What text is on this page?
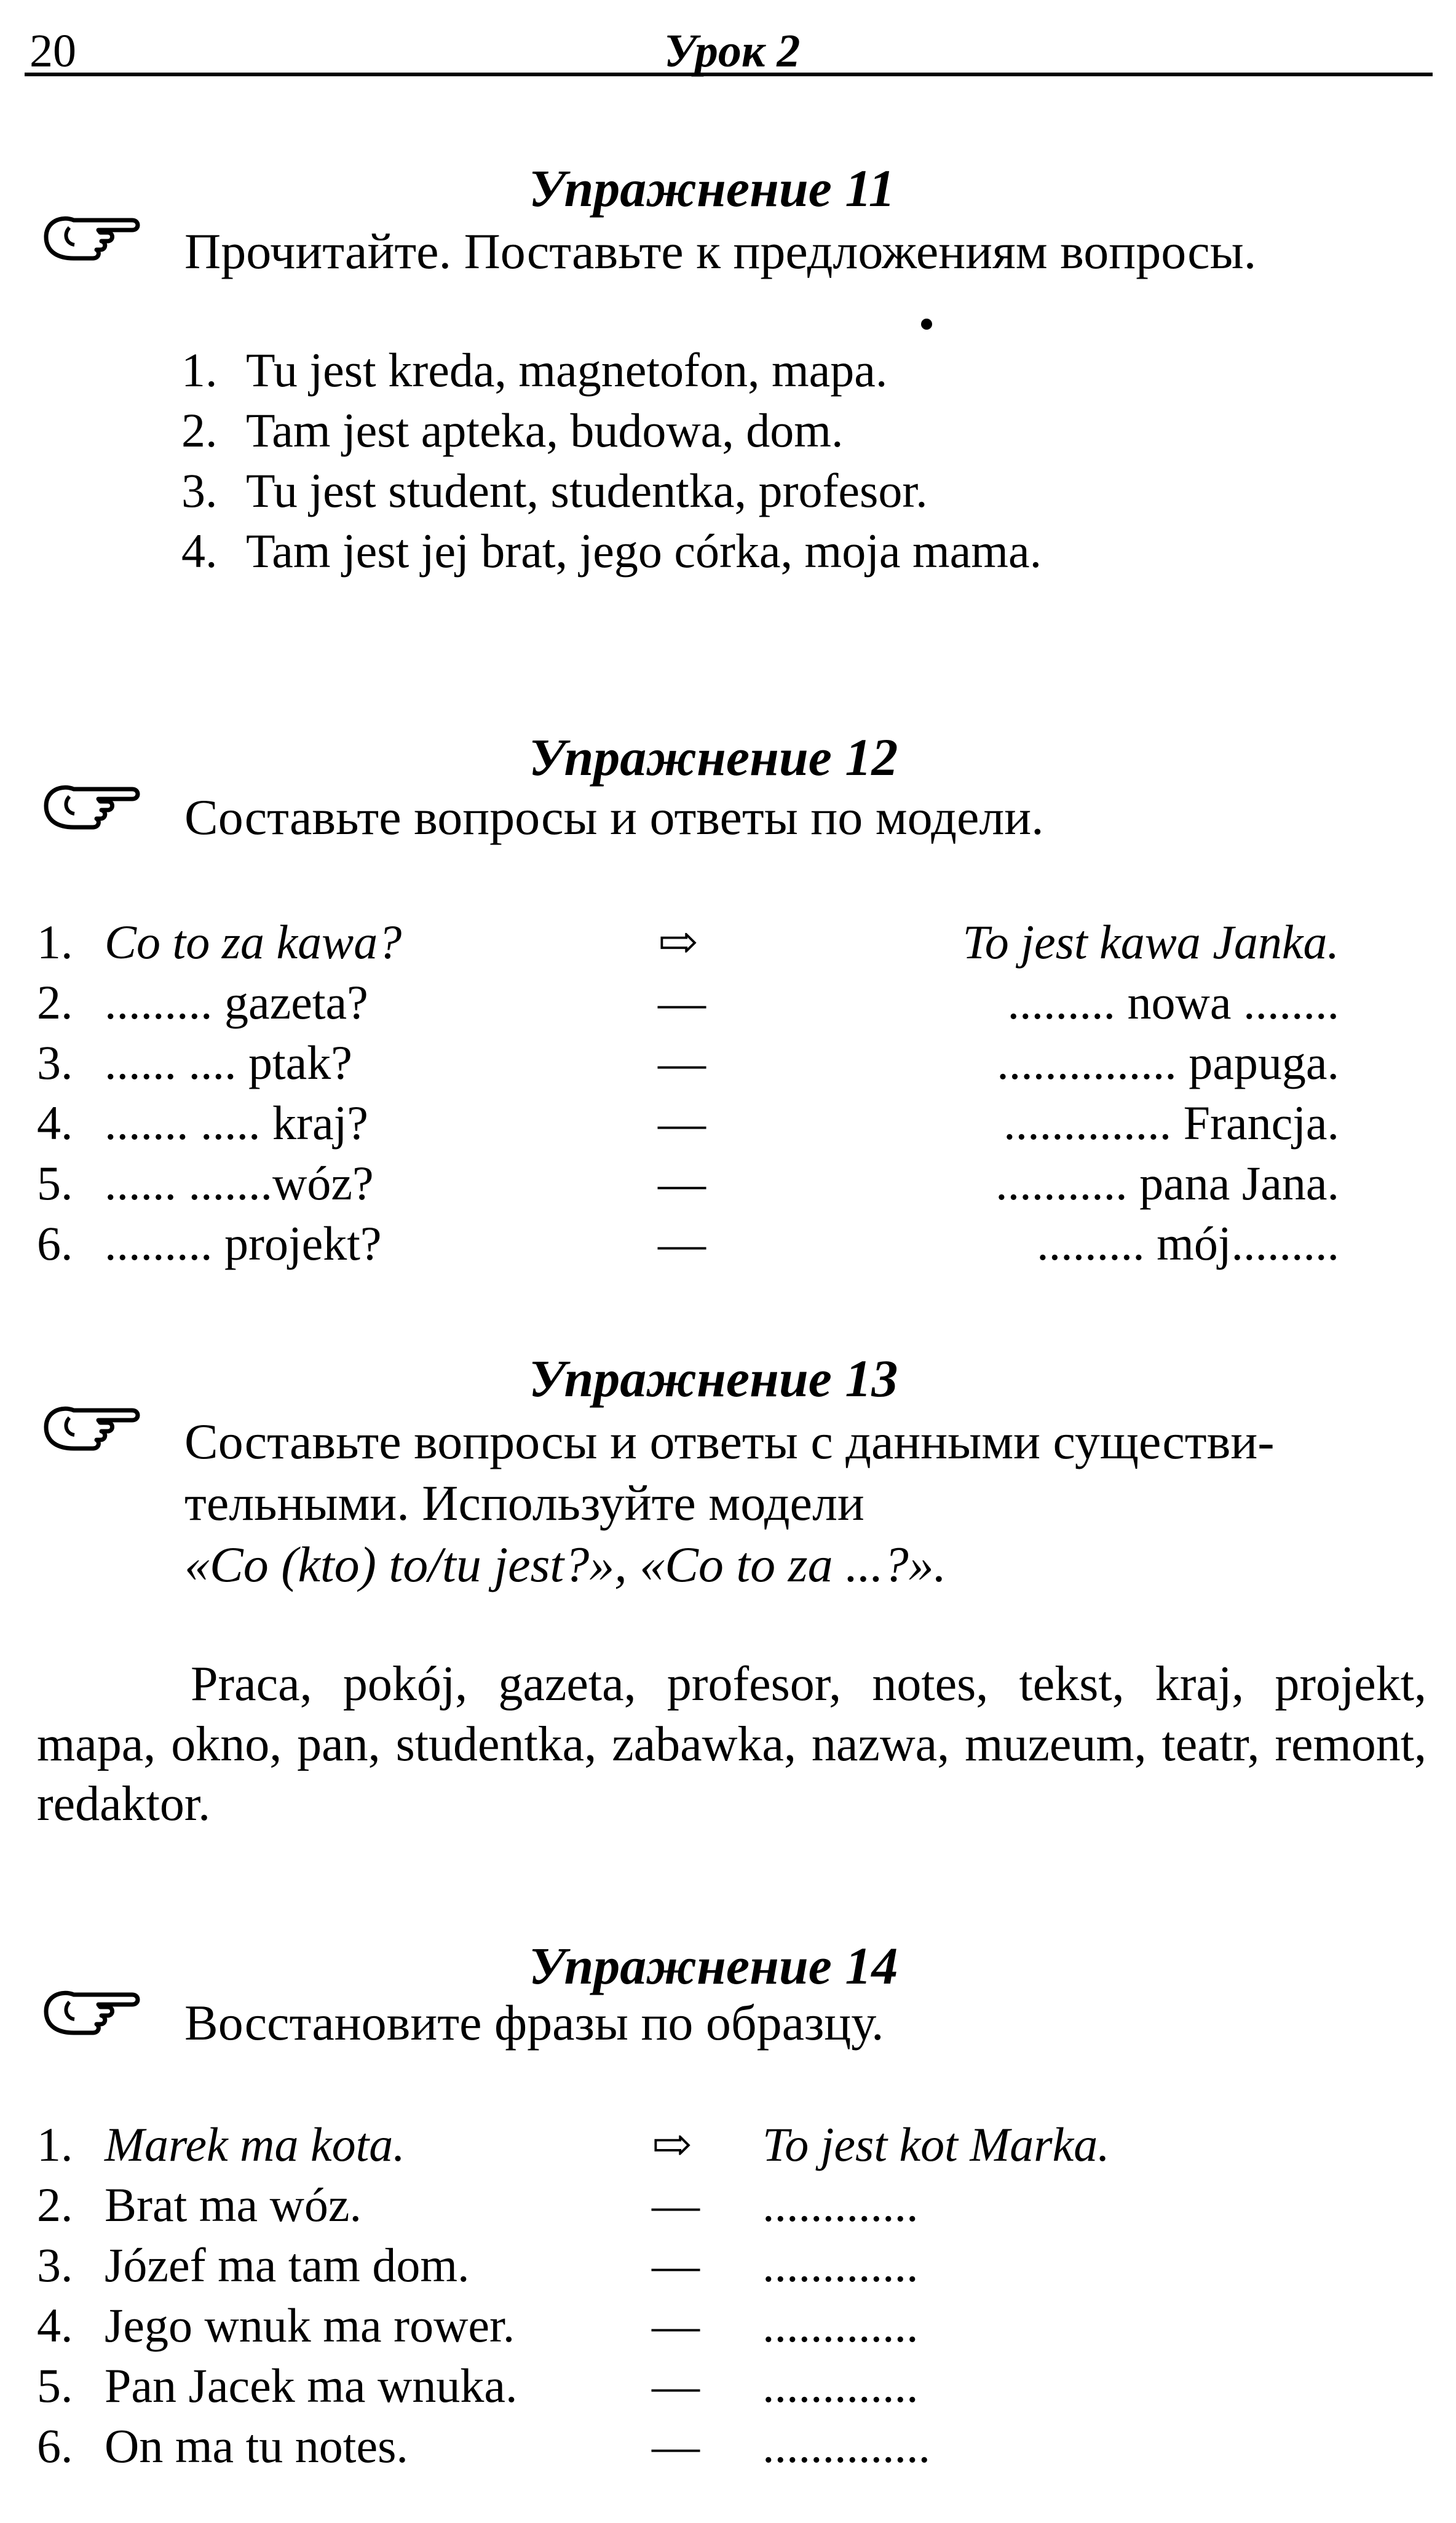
20	Урок 2
Упражнение 11
Прочитайте. Поставьте к предложениям вопросы.
Упражнение 12
Составьте вопросы и ответы по модели.
Упражнение 13
Составьте вопросы и ответы с данными существи-
тельными. Используйте модели
«Co (kto) to/tu jest?», «Co to za ...?».
Praca, pokój, gazeta, profesor, notes, tekst, kraj, projekt, mapa, okno, pan, studentka, zabawka, nazwa, muzeum, teatr, remont, redaktor.
Упражнение 14
Восстановите фразы по образцу.
1. Tu jest kreda, magnetofon, mapa.
2. Tam jest apteka, budowa, dom.
3. Tu jest student, studentka, profesor.
4. Tam jest jej brat, jego córka, moja mama.
1. Co to za kawa?	⇨	To jest kawa Janka.
2. ......... gazeta?	—	......... nowa ........
3. ...... .... ptak?	—	............... papuga.
4. ....... ..... kraj?	—	.............. Francja.
5. ...... .......wóz?	—	........... pana Jana.
6. ......... projekt?	—	......... mój.........
1. Marek ma kota.	⇨ To jest kot Marka.
2. Brat ma wóz.	— .............
3. Józef ma tam dom.	— .............
4. Jego wnuk ma rower.	— .............
5. Pan Jacek ma wnuka.	— .............
6. On ma tu notes.	— ..............
